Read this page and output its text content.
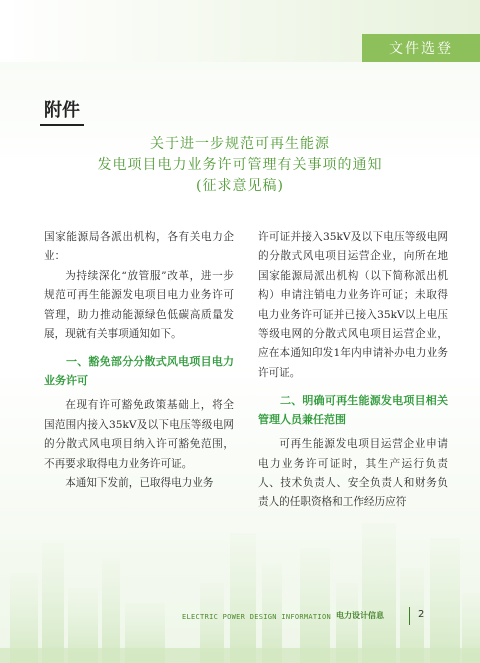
文件选登
附件
关于进一步规范可再生能源
发电项目电力业务许可管理有关事项的通知
(征求意见稿)

国家能源局各派出机构，各有关电力企业：

为持续深化“放管服”改革，进一步规范可再生能源发电项目电力业务许可管理，助力推动能源绿色低碳高质量发展，现就有关事项通知如下。

一、豁免部分分散式风电项目电力业务许可

在现有许可豁免政策基础上，将全国范围内接入35kV及以下电压等级电网的分散式风电项目纳入许可豁免范围，不再要求取得电力业务许可证。

本通知下发前，已取得电力业务

许可证并接入35kV及以下电压等级电网的分散式风电项目运营企业，向所在地国家能源局派出机构（以下简称派出机构）申请注销电力业务许可证；未取得电力业务许可证并已接入35kV以上电压等级电网的分散式风电项目运营企业，应在本通知印发1年内申请补办电力业务许可证。

二、明确可再生能源发电项目相关管理人员兼任范围

可再生能源发电项目运营企业申请电力业务许可证时，其生产运行负责人、技术负责人、安全负责人和财务负责人的任职资格和工作经历应符

ELECTRIC POWER DESIGN INFORMATION 电力设计信息	2
